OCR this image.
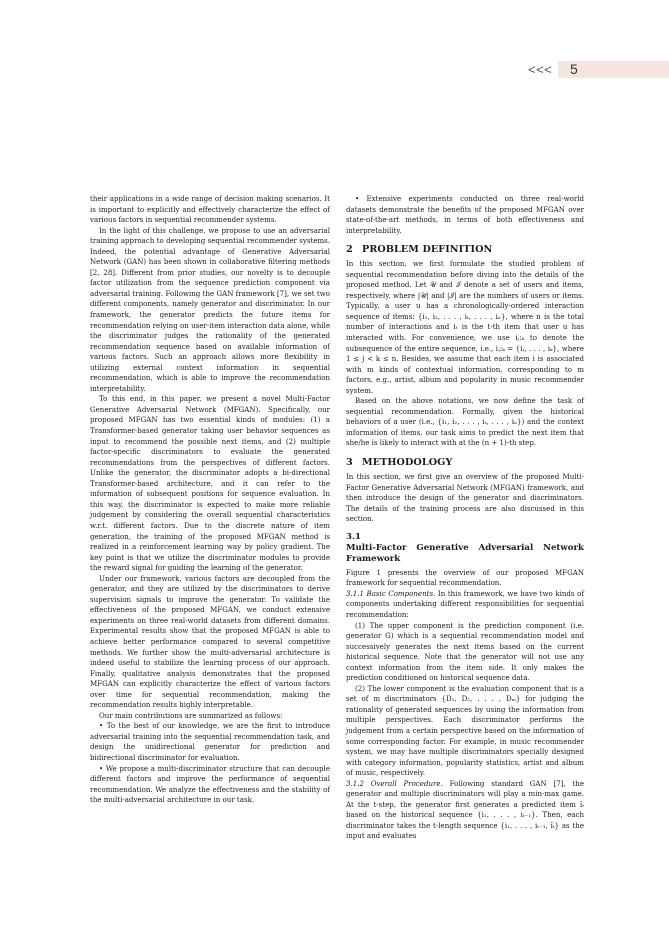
<<<	5

their applications in a wide range of decision making scenarios. It is important to explicitly and effectively characterize the effect of various factors in sequential recommender systems.

In the light of this challenge, we propose to use an adversarial training approach to developing sequential recommender systems. Indeed, the potential advantage of Generative Adversarial Network (GAN) has been shown in collaborative filtering methods [2, 28]. Different from prior studies, our novelty is to decouple factor utilization from the sequence prediction component via adversarial training. Following the GAN framework [7], we set two different components, namely generator and discriminator. In our framework, the generator predicts the future items for recommendation relying on user-item interaction data alone, while the discriminator judges the rationality of the generated recommendation sequence based on available information of various factors. Such an approach allows more flexibility in utilizing external context information in sequential recommendation, which is able to improve the recommendation interpretability.

To this end, in this paper, we present a novel Multi-Factor Generative Adversarial Network (MFGAN). Specifically, our proposed MFGAN has two essential kinds of modules: (1) a Transformer-based generator taking user behavior sequences as input to recommend the possible next items, and (2) multiple factor-specific discriminators to evaluate the generated recommendations from the perspectives of different factors. Unlike the generator, the discriminator adopts a bi-directional Transformer-based architecture, and it can refer to the information of subsequent positions for sequence evaluation. In this way, the discriminator is expected to make more reliable judgement by considering the overall sequential characteristics w.r.t. different factors. Due to the discrete nature of item generation, the training of the proposed MFGAN method is realized in a reinforcement learning way by policy gradient. The key point is that we utilize the discriminator modules to provide the reward signal for guiding the learning of the generator.

Under our framework, various factors are decoupled from the generator, and they are utilized by the discriminators to derive supervision signals to improve the generator. To validate the effectiveness of the proposed MFGAN, we conduct extensive experiments on three real-world datasets from different domains. Experimental results show that the proposed MFGAN is able to achieve better performance compared to several competitive methods. We further show the multi-adversarial architecture is indeed useful to stabilize the learning process of our approach. Finally, qualitative analysis demonstrates that the proposed MFGAN can explicitly characterize the effect of various factors over time for sequential recommendation, making the recommendation results highly interpretable.

Our main contributions are summarized as follows:

• To the best of our knowledge, we are the first to introduce adversarial training into the sequential recommendation task, and design the unidirectional generator for prediction and bidirectional discriminator for evaluation.

• We propose a multi-discriminator structure that can decouple different factors and improve the performance of sequential recommendation. We analyze the effectiveness and the stability of the multi-adversarial architecture in our task.

• Extensive experiments conducted on three real-world datasets demonstrate the benefits of the proposed MFGAN over state-of-the-art methods, in terms of both effectiveness and interpretability.

2 PROBLEM DEFINITION

In this section, we first formulate the studied problem of sequential recommendation before diving into the details of the proposed method. Let 𝒰 and ℐ denote a set of users and items, respectively, where |𝒰| and |ℐ| are the numbers of users or items. Typically, a user u has a chronologically-ordered interaction sequence of items: {i₁, i₂, . . . , iₜ, . . . , iₙ}, where n is the total number of interactions and iₜ is the t-th item that user u has interacted with. For convenience, we use iⱼ:ₖ to denote the subsequence of the entire sequence, i.e., iⱼ:ₖ = {iⱼ, . . . , iₖ}, where 1 ≤ j < k ≤ n. Besides, we assume that each item i is associated with m kinds of contextual information, corresponding to m factors, e.g., artist, album and popularity in music recommender system.

Based on the above notations, we now define the task of sequential recommendation. Formally, given the historical behaviors of a user (i.e., {i₁, i₂, . . . , iₜ, . . . , iₙ}) and the context information of items, our task aims to predict the next item that she/he is likely to interact with at the (n + 1)-th step.

3 METHODOLOGY

In this section, we first give an overview of the proposed Multi-Factor Generative Adversarial Network (MFGAN) framework, and then introduce the design of the generator and discriminators. The details of the training process are also discussed in this section.

3.1Multi-Factor Generative Adversarial Network Framework

Figure 1 presents the overview of our proposed MFGAN framework for sequential recommendation.

3.1.1 Basic Components. In this framework, we have two kinds of components undertaking different responsibilities for sequential recommendation:

(1) The upper component is the prediction component (i.e. generator G) which is a sequential recommendation model and successively generates the next items based on the current historical sequence. Note that the generator will not use any context information from the item side. It only makes the prediction conditioned on historical sequence data.

(2) The lower component is the evaluation component that is a set of m discriminators {D₁, D₂, . . . , Dₘ} for judging the rationality of generated sequences by using the information from multiple perspectives. Each discriminator performs the judgement from a certain perspective based on the information of some corresponding factor. For example, in music recommender system, we may have multiple discriminators specially designed with category information, popularity statistics, artist and album of music, respectively.

3.1.2 Overall Procedure. Following standard GAN [7], the generator and multiple discriminators will play a min-max game. At the t-step, the generator first generates a predicted item îₜ based on the historical sequence {i₁, . . . , iₜ₋₁}. Then, each discriminator takes the t-length sequence {i₁, . . . , iₜ₋₁, îₜ} as the input and evaluates
